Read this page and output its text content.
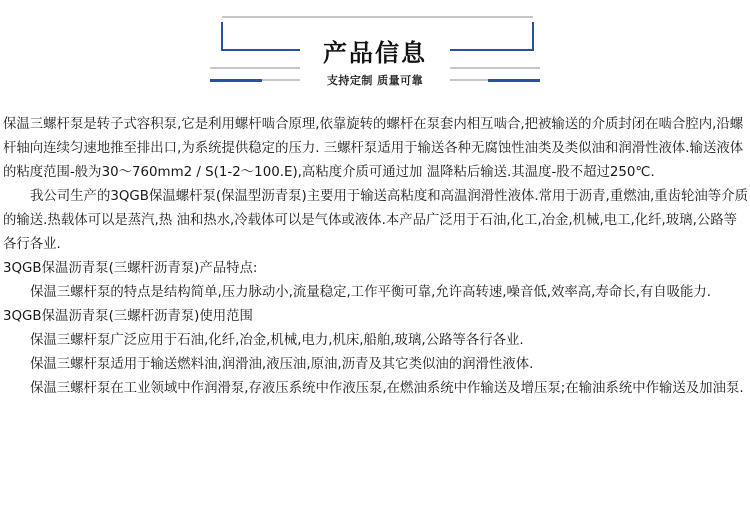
产品信息
支持定制 质量可靠

保温三螺杆泵是转子式容积泵,它是利用螺杆啮合原理,依靠旋转的螺杆在泵套内相互啮合,把被输送的介质封闭在啮合腔内,沿螺杆轴向连续匀速地推至排出口,为系统提供稳定的压力. 三螺杆泵适用于输送各种无腐蚀性油类及类似油和润滑性液体.输送液体的粘度范围-般为30～760mm2 / S(1-2～100.E),高粘度介质可通过加 温降粘后输送.其温度-股不超过250℃.

我公司生产的3QGB保温螺杆泵(保温型沥青泵)主要用于输送高粘度和高温润滑性液体.常用于沥青,重燃油,重齿轮油等介质的输送.热载体可以是蒸汽,热 油和热水,冷载体可以是气体或液体.本产品广泛用于石油,化工,冶金,机械,电工,化纤,玻璃,公路等各行各业.

3QGB保温沥青泵(三螺杆沥青泵)产品特点:

保温三螺杆泵的特点是结构简单,压力脉动小,流量稳定,工作平衡可靠,允许高转速,噪音低,效率高,寿命长,有自吸能力.

3QGB保温沥青泵(三螺杆沥青泵)使用范围

保温三螺杆泵广泛应用于石油,化纤,冶金,机械,电力,机床,船舶,玻璃,公路等各行各业.

保温三螺杆泵适用于输送燃料油,润滑油,液压油,原油,沥青及其它类似油的润滑性液体.

保温三螺杆泵在工业领域中作润滑泵,存液压系统中作液压泵,在燃油系统中作输送及增压泵;在输油系统中作输送及加油泵.
